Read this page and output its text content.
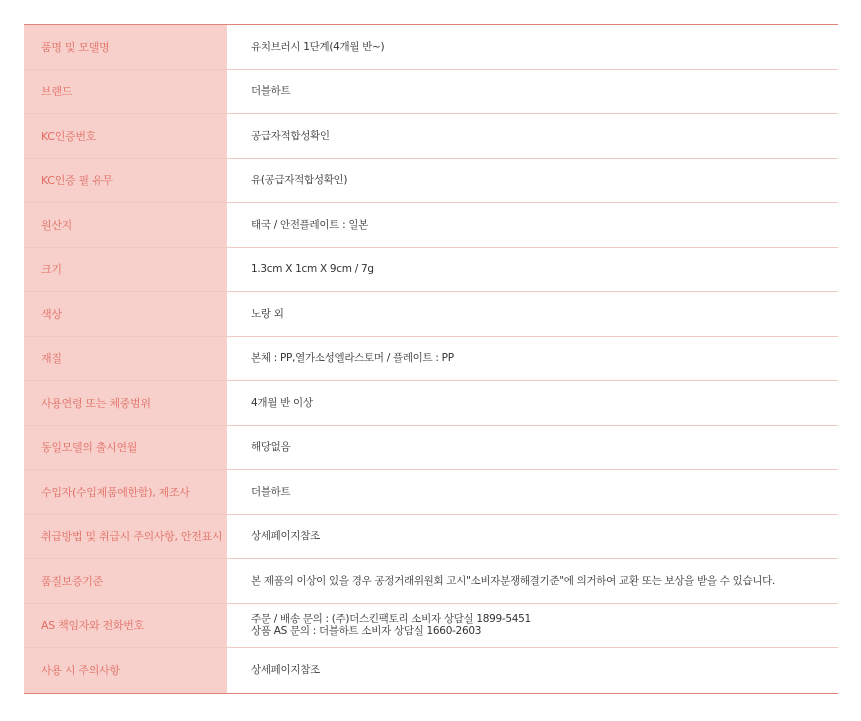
품명 및 모델명	유치브러시 1단계(4개월 반~)
브랜드	더블하트
KC인증번호	공급자적합성확인
KC인증 필 유무	유(공급자적합성확인)
원산지	태국 / 안전플레이트 : 일본
크기	1.3cm X 1cm X 9cm / 7g
색상	노랑 외
재질	본체 : PP,열가소성엘라스토머 / 플레이트 : PP
사용연령 또는 체중범위	4개월 반 이상
동일모델의 출시연월	해당없음
수입자(수입제품에한함), 제조사	더블하트
취급방법 및 취급시 주의사항, 안전표시	상세페이지참조
품질보증기준	본 제품의 이상이 있을 경우 공정거래위원회 고시"소비자분쟁해결기준"에 의거하여 교환 또는 보상을 받을 수 있습니다.
AS 책임자와 전화번호	주문 / 배송 문의 : (주)더스킨팩토리 소비자 상담실 1899-5451
상품 AS 문의 : 더블하트 소비자 상담실 1660-2603
사용 시 주의사항	상세페이지참조
